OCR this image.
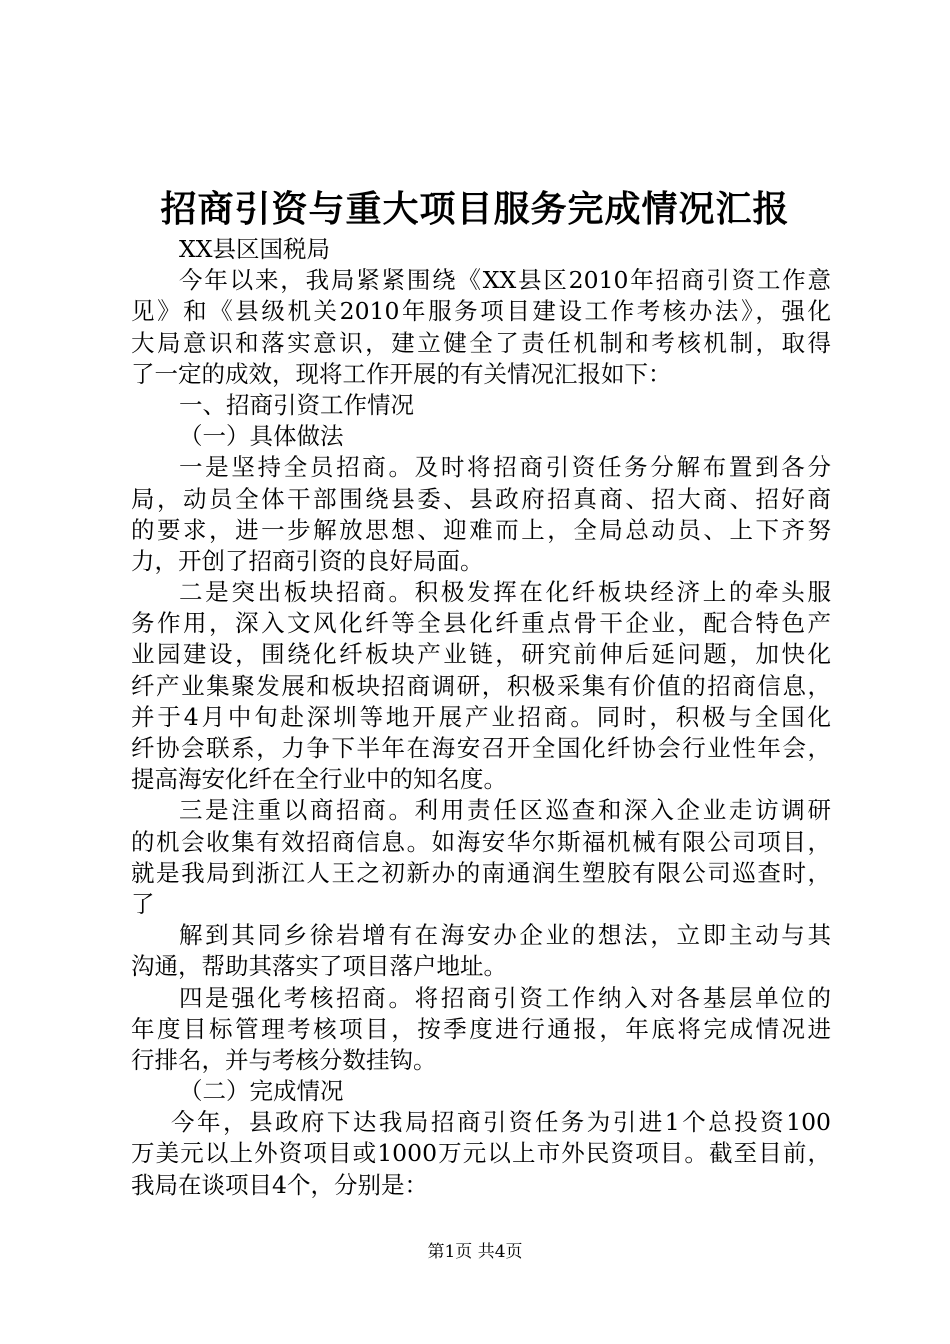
招商引资与重大项目服务完成情况汇报
XX县区国税局
今年以来，我局紧紧围绕《XX县区2010年招商引资工作意
见》和《县级机关2010年服务项目建设工作考核办法》，强化
大局意识和落实意识，建立健全了责任机制和考核机制，取得
了一定的成效，现将工作开展的有关情况汇报如下：
一、招商引资工作情况
（一）具体做法
一是坚持全员招商。及时将招商引资任务分解布置到各分
局，动员全体干部围绕县委、县政府招真商、招大商、招好商
的要求，进一步解放思想、迎难而上，全局总动员、上下齐努
力，开创了招商引资的良好局面。
二是突出板块招商。积极发挥在化纤板块经济上的牵头服
务作用，深入文风化纤等全县化纤重点骨干企业，配合特色产
业园建设，围绕化纤板块产业链，研究前伸后延问题，加快化
纤产业集聚发展和板块招商调研，积极采集有价值的招商信息，
并于4月中旬赴深圳等地开展产业招商。同时，积极与全国化
纤协会联系，力争下半年在海安召开全国化纤协会行业性年会，
提高海安化纤在全行业中的知名度。
三是注重以商招商。利用责任区巡查和深入企业走访调研
的机会收集有效招商信息。如海安华尔斯福机械有限公司项目，
就是我局到浙江人王之初新办的南通润生塑胶有限公司巡查时，
了
解到其同乡徐岩增有在海安办企业的想法，立即主动与其
沟通，帮助其落实了项目落户地址。
四是强化考核招商。将招商引资工作纳入对各基层单位的
年度目标管理考核项目，按季度进行通报，年底将完成情况进
行排名，并与考核分数挂钩。
（二）完成情况
今年，县政府下达我局招商引资任务为引进1个总投资100
万美元以上外资项目或1000万元以上市外民资项目。截至目前，
我局在谈项目4个，分别是：
第1页 共4页
